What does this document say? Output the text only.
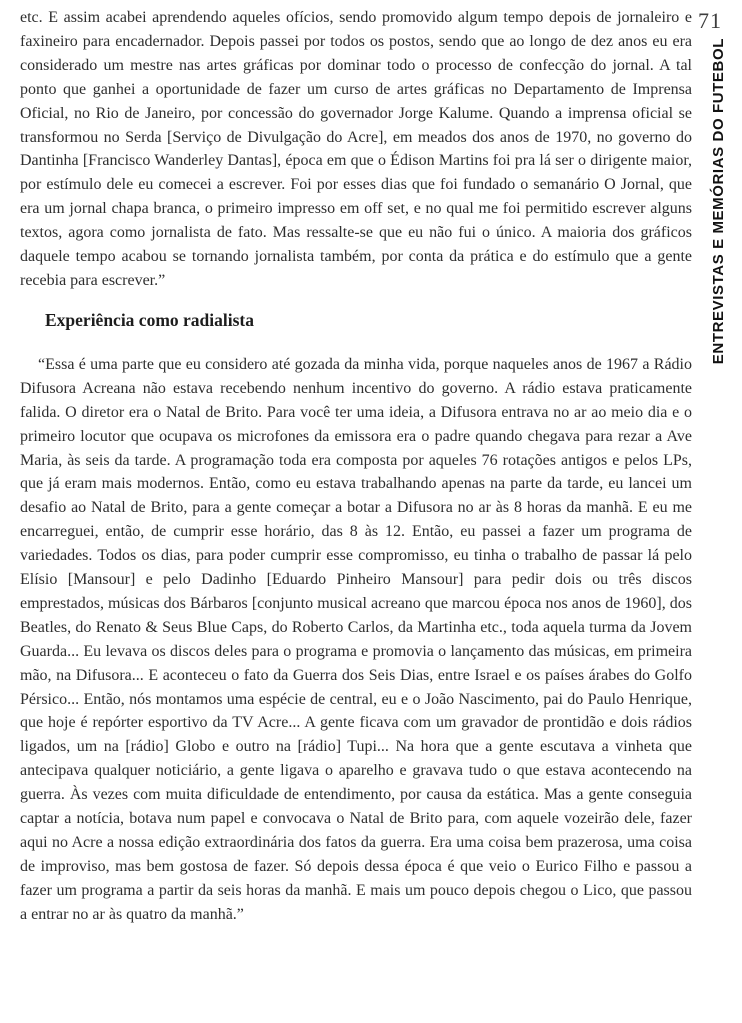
etc. E assim acabei aprendendo aqueles ofícios, sendo promovido algum tempo depois de jornaleiro e faxineiro para encadernador. Depois passei por todos os postos, sendo que ao longo de dez anos eu era considerado um mestre nas artes gráficas por dominar todo o processo de confecção do jornal. A tal ponto que ganhei a oportunidade de fazer um curso de artes gráficas no Departamento de Imprensa Oficial, no Rio de Janeiro, por concessão do governador Jorge Kalume. Quando a imprensa oficial se transformou no Serda [Serviço de Divulgação do Acre], em meados dos anos de 1970, no governo do Dantinha [Francisco Wanderley Dantas], época em que o Édison Martins foi pra lá ser o dirigente maior, por estímulo dele eu comecei a escrever. Foi por esses dias que foi fundado o semanário O Jornal, que era um jornal chapa branca, o primeiro impresso em off set, e no qual me foi permitido escrever alguns textos, agora como jornalista de fato. Mas ressalte-se que eu não fui o único. A maioria dos gráficos daquele tempo acabou se tornando jornalista também, por conta da prática e do estímulo que a gente recebia para escrever.”

Experiência como radialista

“Essa é uma parte que eu considero até gozada da minha vida, porque naqueles anos de 1967 a Rádio Difusora Acreana não estava recebendo nenhum incentivo do governo. A rádio estava praticamente falida. O diretor era o Natal de Brito. Para você ter uma ideia, a Difusora entrava no ar ao meio dia e o primeiro locutor que ocupava os microfones da emissora era o padre quando chegava para rezar a Ave Maria, às seis da tarde. A programação toda era composta por aqueles 76 rotações antigos e pelos LPs, que já eram mais modernos. Então, como eu estava trabalhando apenas na parte da tarde, eu lancei um desafio ao Natal de Brito, para a gente começar a botar a Difusora no ar às 8 horas da manhã. E eu me encarreguei, então, de cumprir esse horário, das 8 às 12. Então, eu passei a fazer um programa de variedades. Todos os dias, para poder cumprir esse compromisso, eu tinha o trabalho de passar lá pelo Elísio [Mansour] e pelo Dadinho [Eduardo Pinheiro Mansour] para pedir dois ou três discos emprestados, músicas dos Bárbaros [conjunto musical acreano que marcou época nos anos de 1960], dos Beatles, do Renato & Seus Blue Caps, do Roberto Carlos, da Martinha etc., toda aquela turma da Jovem Guarda... Eu levava os discos deles para o programa e promovia o lançamento das músicas, em primeira mão, na Difusora... E aconteceu o fato da Guerra dos Seis Dias, entre Israel e os países árabes do Golfo Pérsico... Então, nós montamos uma espécie de central, eu e o João Nascimento, pai do Paulo Henrique, que hoje é repórter esportivo da TV Acre... A gente ficava com um gravador de prontidão e dois rádios ligados, um na [rádio] Globo e outro na [rádio] Tupi... Na hora que a gente escutava a vinheta que antecipava qualquer noticiário, a gente ligava o aparelho e gravava tudo o que estava acontecendo na guerra. Às vezes com muita dificuldade de entendimento, por causa da estática. Mas a gente conseguia captar a notícia, botava num papel e convocava o Natal de Brito para, com aquele vozeirão dele, fazer aqui no Acre a nossa edição extraordinária dos fatos da guerra. Era uma coisa bem prazerosa, uma coisa de improviso, mas bem gostosa de fazer. Só depois dessa época é que veio o Eurico Filho e passou a fazer um programa a partir da seis horas da manhã. E mais um pouco depois chegou o Lico, que passou a entrar no ar às quatro da manhã.”

71
ENTREVISTAS E MEMÓRIAS DO FUTEBOL
